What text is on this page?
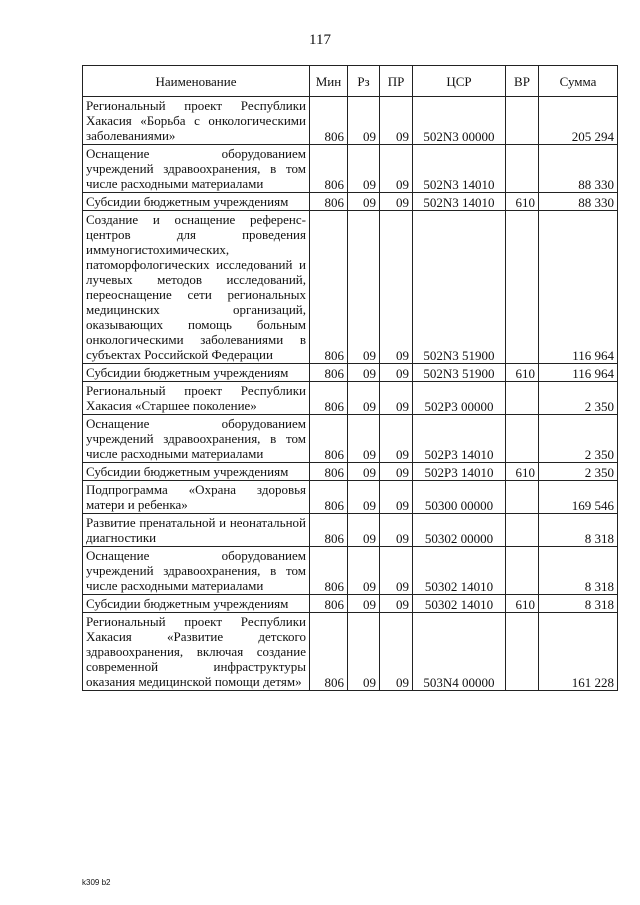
117
Наименование	Мин	Рз	ПР	ЦСР	ВР	Сумма
Региональный проект Республики Хакасия «Борьба с онкологическими заболеваниями»	806	09	09	502N3 00000		205 294
Оснащение оборудованием учреждений здравоохранения, в том числе расходными материалами	806	09	09	502N3 14010		88 330
Субсидии бюджетным учреждениям	806	09	09	502N3 14010	610	88 330
Создание и оснащение референс-центров для проведения иммуногистохимических, патоморфологических исследований и лучевых методов исследований, переоснащение сети региональных медицинских организаций, оказывающих помощь больным онкологическими заболеваниями в субъектах Российской Федерации	806	09	09	502N3 51900		116 964
Субсидии бюджетным учреждениям	806	09	09	502N3 51900	610	116 964
Региональный проект Республики Хакасия «Старшее поколение»	806	09	09	502P3 00000		2 350
Оснащение оборудованием учреждений здравоохранения, в том числе расходными материалами	806	09	09	502P3 14010		2 350
Субсидии бюджетным учреждениям	806	09	09	502P3 14010	610	2 350
Подпрограмма «Охрана здоровья матери и ребенка»	806	09	09	50300 00000		169 546
Развитие пренатальной и неонатальной диагностики	806	09	09	50302 00000		8 318
Оснащение оборудованием учреждений здравоохранения, в том числе расходными материалами	806	09	09	50302 14010		8 318
Субсидии бюджетным учреждениям	806	09	09	50302 14010	610	8 318
Региональный проект Республики Хакасия «Развитие детского здравоохранения, включая создание современной инфраструктуры оказания медицинской помощи детям»	806	09	09	503N4 00000		161 228
k309 b2
